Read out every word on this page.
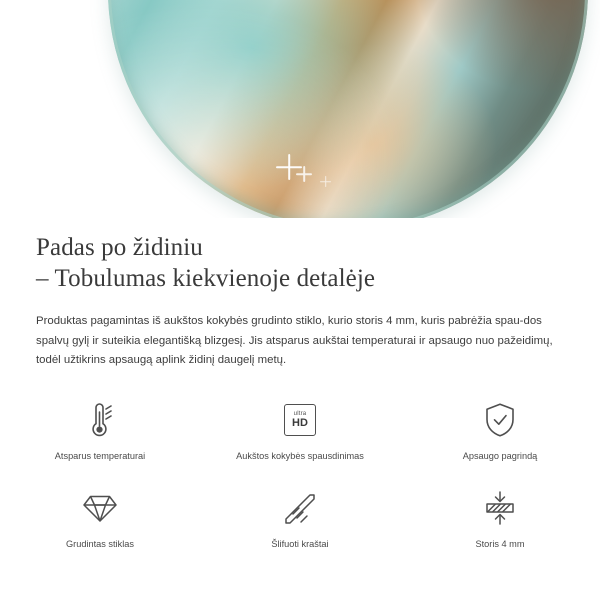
Padas po židiniu
– Tobulumas kiekvienoje detalėje

Produktas pagamintas iš aukštos kokybės grudinto stiklo, kurio storis 4 mm, kuris pabrėžia spau-dos spalvų gylį ir suteikia elegantišką blizgesį. Jis atsparus aukštai temperaturai ir apsaugo nuo pažeidimų, todėl užtikrins apsaugą aplink židinį daugelį metų.

Atsparus temperaturai
ultra
HD
Aukštos kokybės spausdinimas	Apsaugo pagrindą
Grudintas stiklas	Šlifuoti kraštai	Storis 4 mm
